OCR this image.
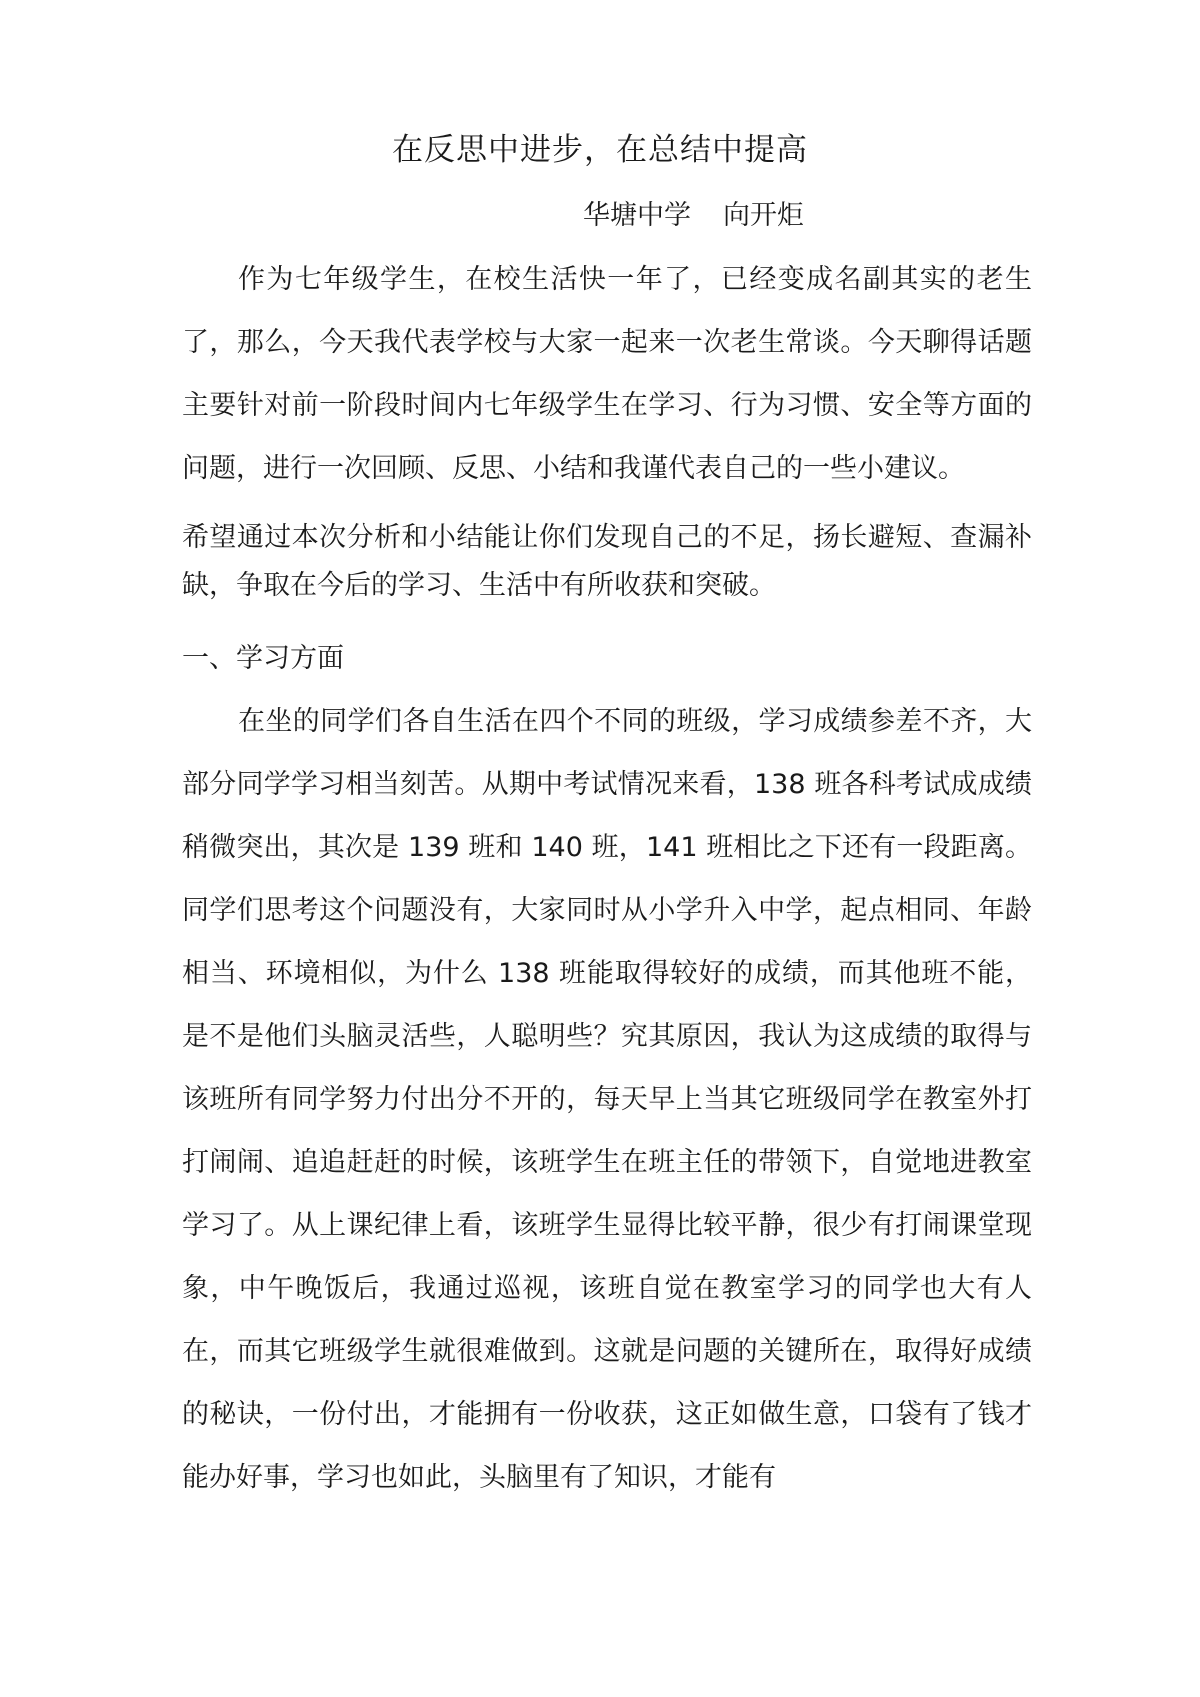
在反思中进步，在总结中提高
华塘中学 向开炬

作为七年级学生，在校生活快一年了，已经变成名副其实的老生了，那么，今天我代表学校与大家一起来一次老生常谈。今天聊得话题主要针对前一阶段时间内七年级学生在学习、行为习惯、安全等方面的问题，进行一次回顾、反思、小结和我谨代表自己的一些小建议。

希望通过本次分析和小结能让你们发现自己的不足，扬长避短、查漏补缺，争取在今后的学习、生活中有所收获和突破。

一、学习方面

在坐的同学们各自生活在四个不同的班级，学习成绩参差不齐，大部分同学学习相当刻苦。从期中考试情况来看，138 班各科考试成成绩稍微突出，其次是 139 班和 140 班，141 班相比之下还有一段距离。同学们思考这个问题没有，大家同时从小学升入中学，起点相同、年龄相当、环境相似，为什么 138 班能取得较好的成绩，而其他班不能，是不是他们头脑灵活些，人聪明些？究其原因，我认为这成绩的取得与该班所有同学努力付出分不开的，每天早上当其它班级同学在教室外打打闹闹、追追赶赶的时候，该班学生在班主任的带领下，自觉地进教室学习了。从上课纪律上看，该班学生显得比较平静，很少有打闹课堂现象，中午晚饭后，我通过巡视，该班自觉在教室学习的同学也大有人在，而其它班级学生就很难做到。这就是问题的关键所在，取得好成绩的秘诀，一份付出，才能拥有一份收获，这正如做生意，口袋有了钱才能办好事，学习也如此，头脑里有了知识，才能有
